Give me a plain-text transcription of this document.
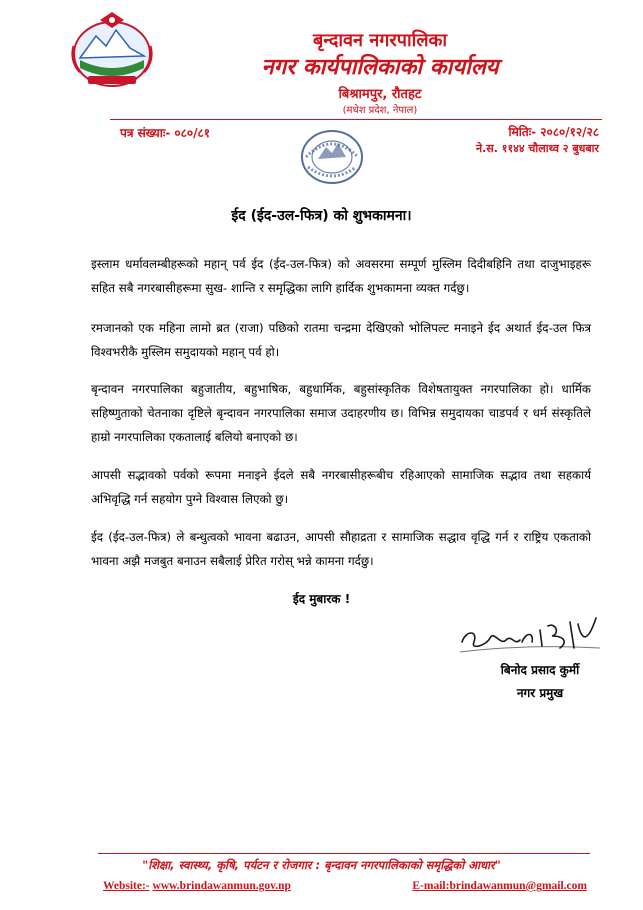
बृन्दावन नगरपालिका
नगर कार्यपालिकाको कार्यालय
बिश्रामपुर, रौतहट
(मधेश प्रदेश, नेपाल)
पत्र संख्याः- ०८०/८१	मितिः- २०८०/१२/२८
ने.स. ११४४ चौलाथ्व २ बुधबार
ईद (ईद-उल-फित्र) को शुभकामना।
इस्लाम धर्मावलम्बीहरूको महान् पर्व ईद (ईद-उल-फित्र) को अवसरमा सम्पूर्ण मुस्लिम दिदीबहिनि तथा दाजुभाइहरू सहित सबै नगरबासीहरूमा सुख- शान्ति र समृद्धिका लागि हार्दिक शुभकामना व्यक्त गर्दछु।
रमजानको एक महिना लामो ब्रत (राजा) पछिको रातमा चन्द्रमा देखिएको भोलिपल्ट मनाइने ईद अथार्त ईद-उल फित्र विश्वभरीकै मुस्लिम समुदायको महान् पर्व हो।
बृन्दावन नगरपालिका बहुजातीय, बहुभाषिक, बहुधार्मिक, बहुसांस्कृतिक विशेषतायुक्त नगरपालिका हो। धार्मिक सहिष्णुताको चेतनाका दृष्टिले बृन्दावन नगरपालिका समाज उदाहरणीय छ। विभिन्न समुदायका चाडपर्व र धर्म संस्कृतिले हाम्रो नगरपालिका एकतालाई बलियो बनाएको छ।
आपसी सद्भावको पर्वको रूपमा मनाइने ईदले सबै नगरबासीहरूबीच रहिआएको सामाजिक सद्भाव तथा सहकार्य अभिवृद्धि गर्न सहयोग पुग्ने विश्वास लिएको छु।
ईद (ईद-उल-फित्र) ले बन्धुत्वको भावना बढाउन, आपसी सौहाद्रता र सामाजिक सद्धाव वृद्धि गर्न र राष्ट्रिय एकताको भावना अझै मजबुत बनाउन सबैलाई प्रेरित गरोस् भन्ने कामना गर्दछु।
ईद मुबारक !
बिनोद प्रसाद कुर्मी
नगर प्रमुख
"शिक्षा, स्वास्थ्य, कृषि, पर्यटन र रोजगार : बृन्दावन नगरपालिकाको समृद्धिको आधार"
Website:- www.brindawanmun.gov.np	E-mail:brindawanmun@gmail.com
